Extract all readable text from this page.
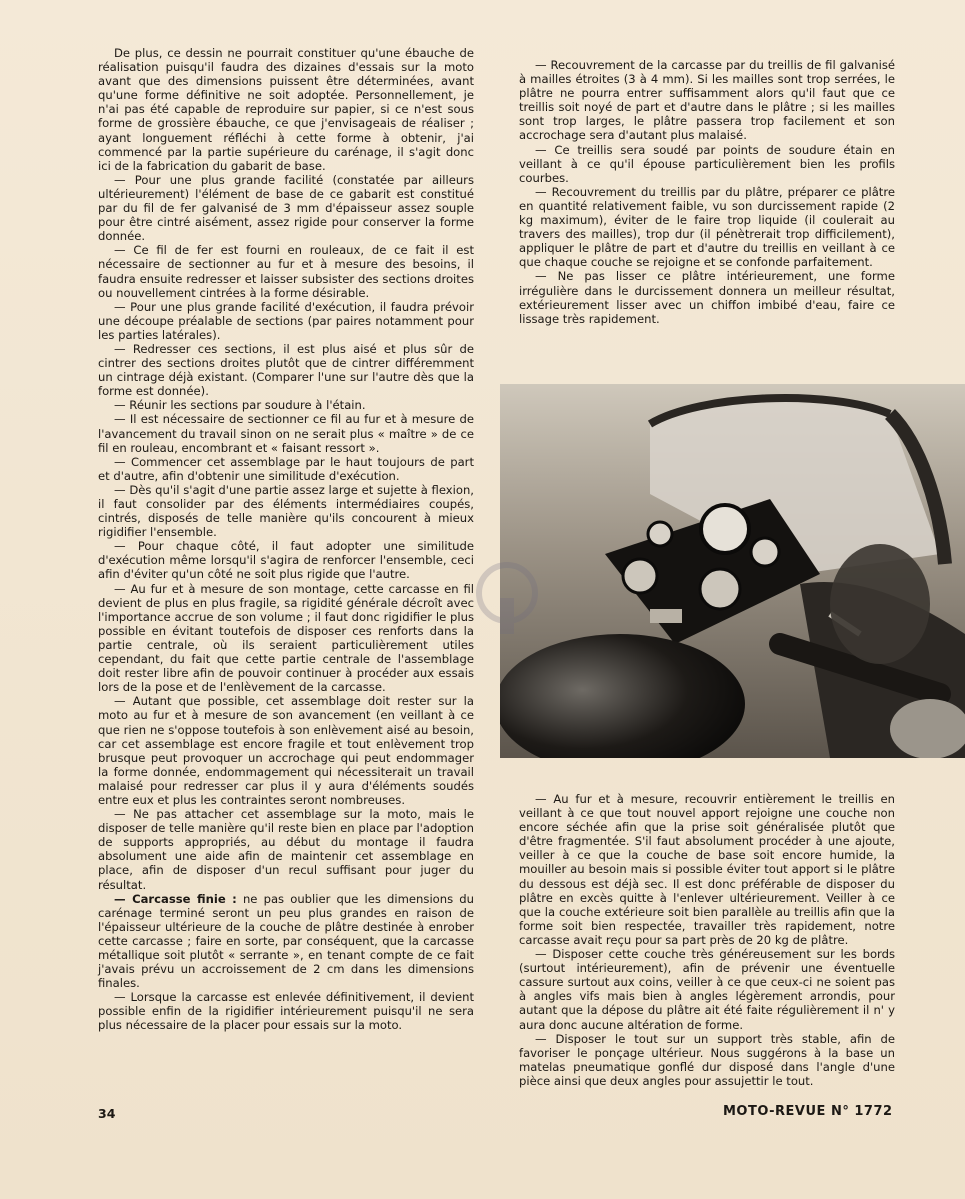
De plus, ce dessin ne pourrait constituer qu'une ébauche de réalisation puisqu'il faudra des dizaines d'essais sur la moto avant que des dimensions puissent être déterminées, avant qu'une forme définitive ne soit adoptée. Personnellement, je n'ai pas été capable de reproduire sur papier, si ce n'est sous forme de grossière ébauche, ce que j'envisageais de réaliser ; ayant longuement réfléchi à cette forme à obtenir, j'ai commencé par la partie supérieure du carénage, il s'agit donc ici de la fabrication du gabarit de base.

— Pour une plus grande facilité (constatée par ailleurs ultérieurement) l'élément de base de ce gabarit est constitué par du fil de fer galvanisé de 3 mm d'épaisseur assez souple pour être cintré aisément, assez rigide pour conserver la forme donnée.

— Ce fil de fer est fourni en rouleaux, de ce fait il est nécessaire de sectionner au fur et à mesure des besoins, il faudra ensuite redresser et laisser subsister des sections droites ou nouvellement cintrées à la forme désirable.

— Pour une plus grande facilité d'exécution, il faudra prévoir une découpe préalable de sections (par paires notamment pour les parties latérales).

— Redresser ces sections, il est plus aisé et plus sûr de cintrer des sections droites plutôt que de cintrer différemment un cintrage déjà existant. (Comparer l'une sur l'autre dès que la forme est donnée).

— Réunir les sections par soudure à l'étain.

— Il est nécessaire de sectionner ce fil au fur et à mesure de l'avancement du travail sinon on ne serait plus « maître » de ce fil en rouleau, encombrant et « faisant ressort ».

— Commencer cet assemblage par le haut toujours de part et d'autre, afin d'obtenir une similitude d'exécution.

— Dès qu'il s'agit d'une partie assez large et sujette à flexion, il faut consolider par des éléments intermédiaires coupés, cintrés, disposés de telle manière qu'ils concourent à mieux rigidifier l'ensemble.

— Pour chaque côté, il faut adopter une similitude d'exécution même lorsqu'il s'agira de renforcer l'ensemble, ceci afin d'éviter qu'un côté ne soit plus rigide que l'autre.

— Au fur et à mesure de son montage, cette carcasse en fil devient de plus en plus fragile, sa rigidité générale décroît avec l'importance accrue de son volume ; il faut donc rigidifier le plus possible en évitant toutefois de disposer ces renforts dans la partie centrale, où ils seraient particulièrement utiles cependant, du fait que cette partie centrale de l'assemblage doit rester libre afin de pouvoir continuer à procéder aux essais lors de la pose et de l'enlèvement de la carcasse.

— Autant que possible, cet assemblage doit rester sur la moto au fur et à mesure de son avancement (en veillant à ce que rien ne s'oppose toutefois à son enlèvement aisé au besoin, car cet assemblage est encore fragile et tout enlèvement trop brusque peut provoquer un accrochage qui peut endommager la forme donnée, endommagement qui nécessiterait un travail malaisé pour redresser car plus il y aura d'éléments soudés entre eux et plus les contraintes seront nombreuses.

— Ne pas attacher cet assemblage sur la moto, mais le disposer de telle manière qu'il reste bien en place par l'adoption de supports appropriés, au début du montage il faudra absolument une aide afin de maintenir cet assemblage en place, afin de disposer d'un recul suffisant pour juger du résultat.

— Carcasse finie : ne pas oublier que les dimensions du carénage terminé seront un peu plus grandes en raison de l'épaisseur ultérieure de la couche de plâtre destinée à enrober cette carcasse ; faire en sorte, par conséquent, que la carcasse métallique soit plutôt « serrante », en tenant compte de ce fait j'avais prévu un accroissement de 2 cm dans les dimensions finales.

— Lorsque la carcasse est enlevée définitivement, il devient possible enfin de la rigidifier intérieurement puisqu'il ne sera plus nécessaire de la placer pour essais sur la moto.

— Recouvrement de la carcasse par du treillis de fil galvanisé à mailles étroites (3 à 4 mm). Si les mailles sont trop serrées, le plâtre ne pourra entrer suffisamment alors qu'il faut que ce treillis soit noyé de part et d'autre dans le plâtre ; si les mailles sont trop larges, le plâtre passera trop facilement et son accrochage sera d'autant plus malaisé.

— Ce treillis sera soudé par points de soudure étain en veillant à ce qu'il épouse particulièrement bien les profils courbes.

— Recouvrement du treillis par du plâtre, préparer ce plâtre en quantité relativement faible, vu son durcissement rapide (2 kg maximum), éviter de le faire trop liquide (il coulerait au travers des mailles), trop dur (il pénètrerait trop difficilement), appliquer le plâtre de part et d'autre du treillis en veillant à ce que chaque couche se rejoigne et se confonde parfaitement.

— Ne pas lisser ce plâtre intérieurement, une forme irrégulière dans le durcissement donnera un meilleur résultat, extérieurement lisser avec un chiffon imbibé d'eau, faire ce lissage très rapidement.

— Au fur et à mesure, recouvrir entièrement le treillis en veillant à ce que tout nouvel apport rejoigne une couche non encore séchée afin que la prise soit généralisée plutôt que d'être fragmentée. S'il faut absolument procéder à une ajoute, veiller à ce que la couche de base soit encore humide, la mouiller au besoin mais si possible éviter tout apport si le plâtre du dessous est déjà sec. Il est donc préférable de disposer du plâtre en excès quitte à l'enlever ultérieurement. Veiller à ce que la couche extérieure soit bien parallèle au treillis afin que la forme soit bien respectée, travailler très rapidement, notre carcasse avait reçu pour sa part près de 20 kg de plâtre.

— Disposer cette couche très généreusement sur les bords (surtout intérieurement), afin de prévenir une éventuelle cassure surtout aux coins, veiller à ce que ceux-ci ne soient pas à angles vifs mais bien à angles légèrement arrondis, pour autant que la dépose du plâtre ait été faite régulièrement il n' y aura donc aucune altération de forme.

— Disposer le tout sur un support très stable, afin de favoriser le ponçage ultérieur. Nous suggérons à la base un matelas pneumatique gonflé dur disposé dans l'angle d'une pièce ainsi que deux angles pour assujettir le tout.

34	MOTO-REVUE N° 1772
